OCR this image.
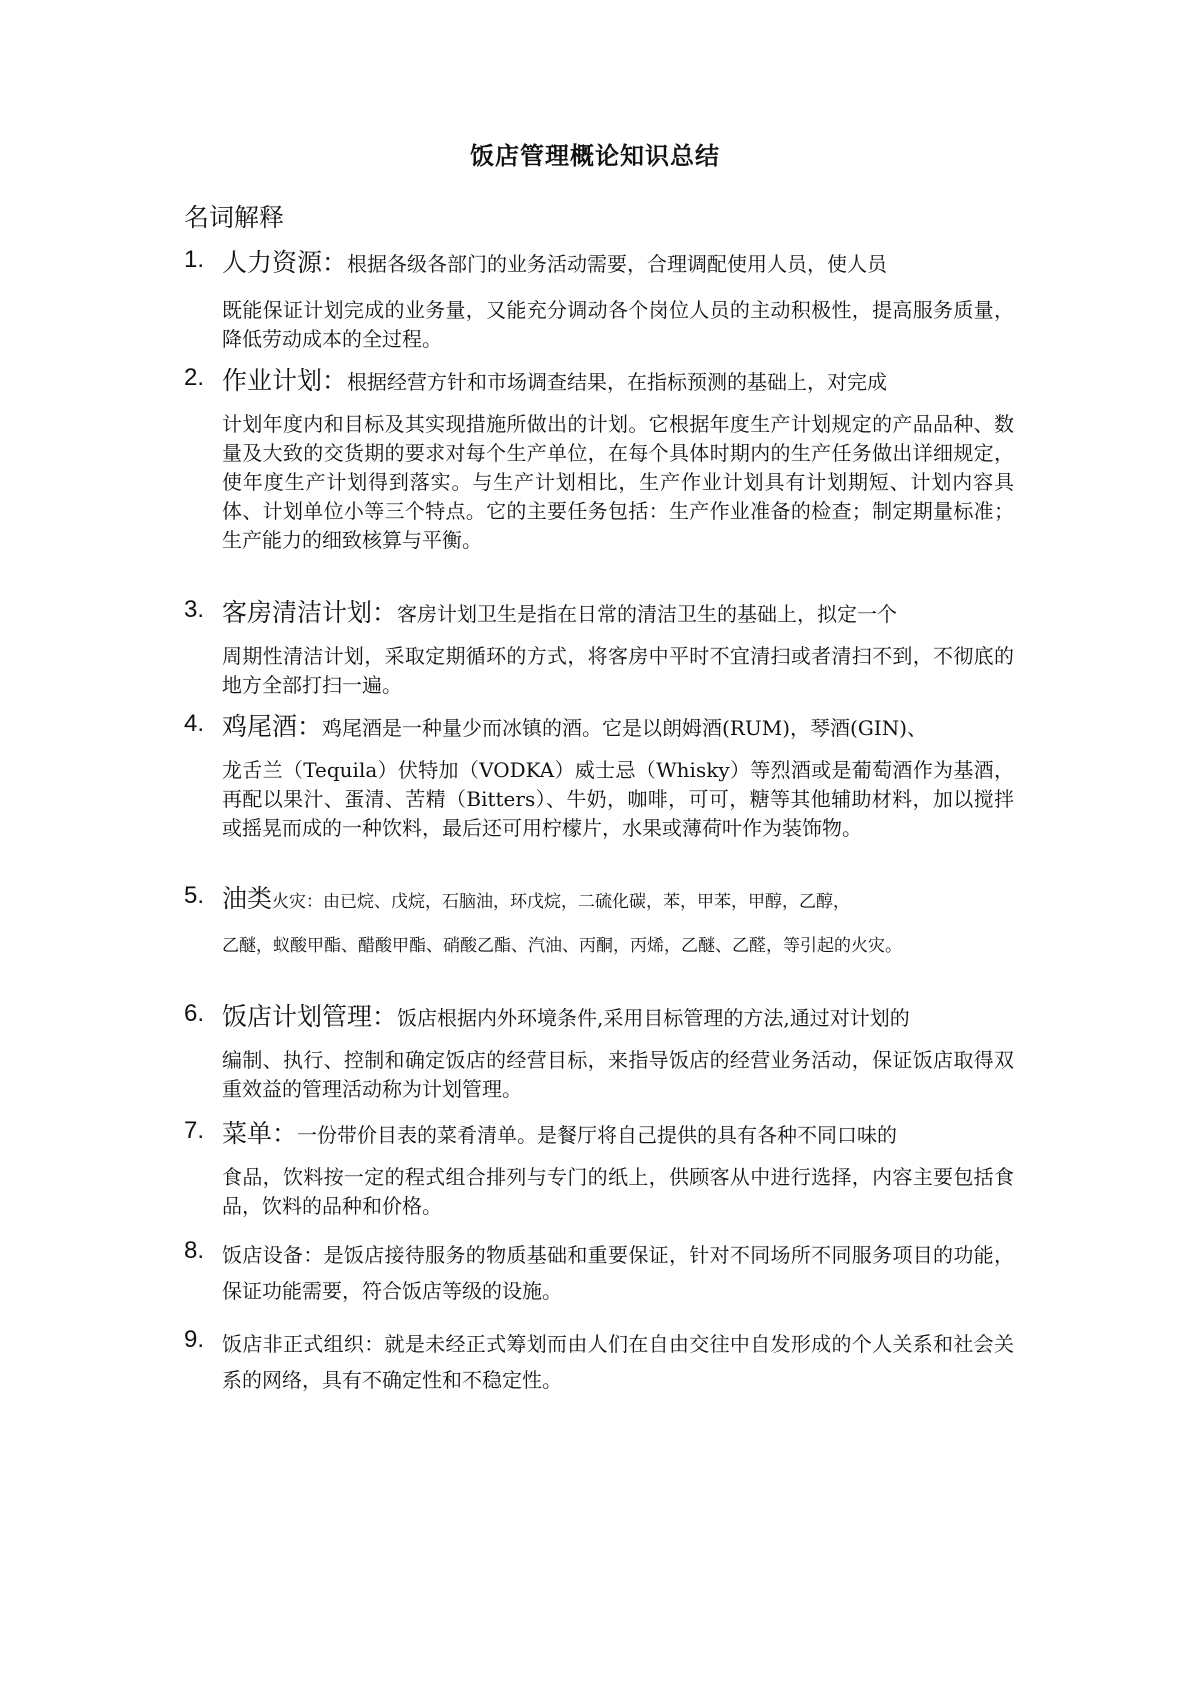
饭店管理概论知识总结
名词解释
1. 人力资源：根据各级各部门的业务活动需要，合理调配使用人员，使人员
既能保证计划完成的业务量，又能充分调动各个岗位人员的主动积极性，提高服务质量，降低劳动成本的全过程。
2. 作业计划：根据经营方针和市场调查结果，在指标预测的基础上，对完成
计划年度内和目标及其实现措施所做出的计划。它根据年度生产计划规定的产品品种、数量及大致的交货期的要求对每个生产单位，在每个具体时期内的生产任务做出详细规定，使年度生产计划得到落实。与生产计划相比，生产作业计划具有计划期短、计划内容具体、计划单位小等三个特点。它的主要任务包括：生产作业准备的检查；制定期量标准；生产能力的细致核算与平衡。
3. 客房清洁计划：客房计划卫生是指在日常的清洁卫生的基础上，拟定一个
周期性清洁计划，采取定期循环的方式，将客房中平时不宜清扫或者清扫不到，不彻底的地方全部打扫一遍。
4. 鸡尾酒：鸡尾酒是一种量少而冰镇的酒。它是以朗姆酒(RUM)，琴酒(GIN)、
龙舌兰（Tequila）伏特加（VODKA）威士忌（Whisky）等烈酒或是葡萄酒作为基酒，再配以果汁、蛋清、苦精（Bitters）、牛奶，咖啡，可可，糖等其他辅助材料，加以搅拌或摇晃而成的一种饮料，最后还可用柠檬片，水果或薄荷叶作为装饰物。
5. 油类火灾：由已烷、戊烷，石脑油，环戊烷，二硫化碳，苯，甲苯，甲醇，乙醇，
乙醚，蚁酸甲酯、醋酸甲酯、硝酸乙酯、汽油、丙酮，丙烯，乙醚、乙醛，等引起的火灾。
6. 饭店计划管理：饭店根据内外环境条件,采用目标管理的方法,通过对计划的
编制、执行、控制和确定饭店的经营目标，来指导饭店的经营业务活动，保证饭店取得双重效益的管理活动称为计划管理。
7. 菜单：一份带价目表的菜肴清单。是餐厅将自己提供的具有各种不同口味的
食品，饮料按一定的程式组合排列与专门的纸上，供顾客从中进行选择，内容主要包括食品，饮料的品种和价格。
8. 饭店设备：是饭店接待服务的物质基础和重要保证，针对不同场所不同服务项目的功能，保证功能需要，符合饭店等级的设施。
9. 饭店非正式组织：就是未经正式筹划而由人们在自由交往中自发形成的个人关系和社会关系的网络，具有不确定性和不稳定性。
